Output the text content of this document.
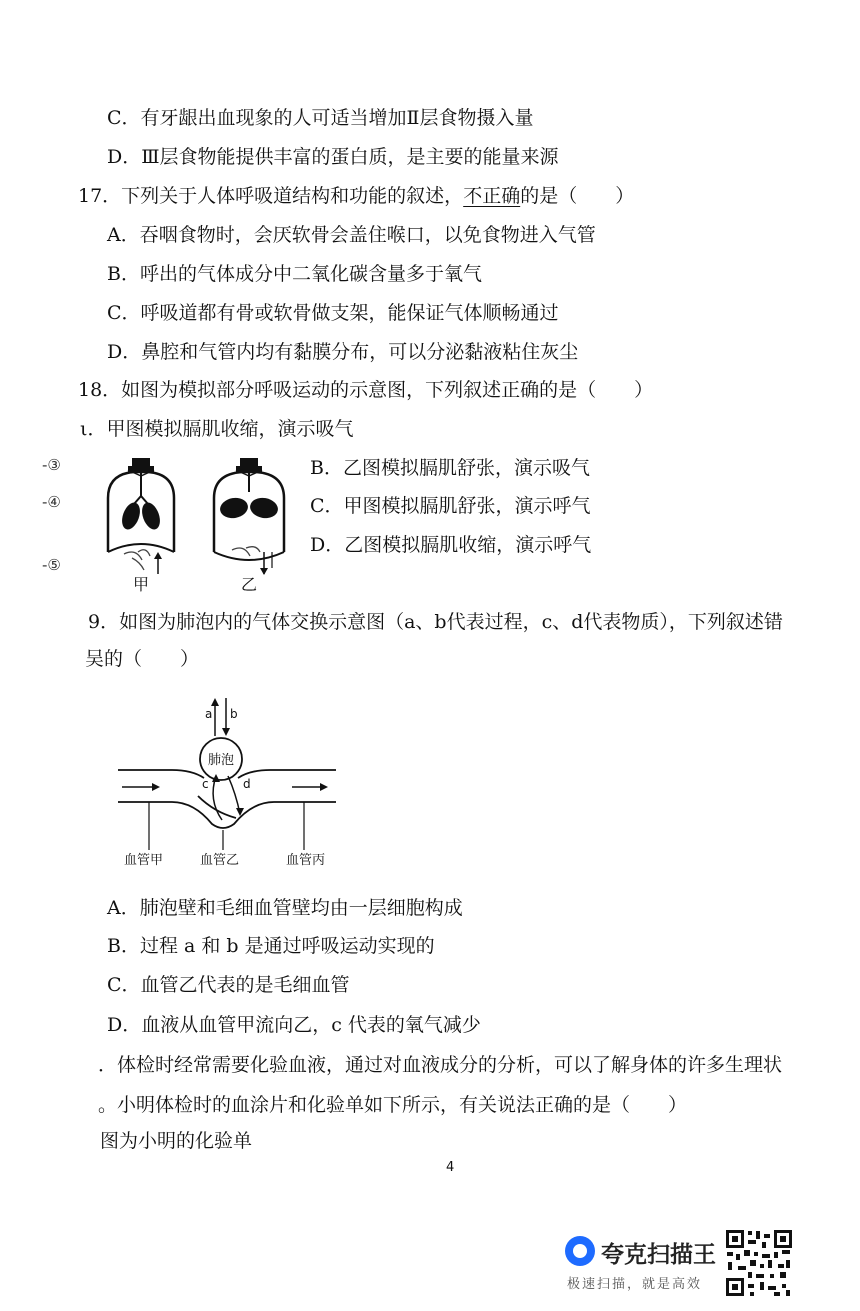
C．有牙龈出血现象的人可适当增加Ⅱ层食物摄入量
D．Ⅲ层食物能提供丰富的蛋白质，是主要的能量来源
17．下列关于人体呼吸道结构和功能的叙述，不正确的是（　　）
A．吞咽食物时，会厌软骨会盖住喉口，以免食物进入气管
B．呼出的气体成分中二氧化碳含量多于氧气
C．呼吸道都有骨或软骨做支架，能保证气体顺畅通过
D．鼻腔和气管内均有黏膜分布，可以分泌黏液粘住灰尘
18．如图为模拟部分呼吸运动的示意图，下列叙述正确的是（　　）
ι．甲图模拟膈肌收缩，演示吸气
B．乙图模拟膈肌舒张，演示吸气
C．甲图模拟膈肌舒张，演示呼气
D．乙图模拟膈肌收缩，演示呼气
-③
-④
-⑤
甲	乙
9．如图为肺泡内的气体交换示意图（a、b代表过程，c、d代表物质），下列叙述错
吴的（　　）
a b
肺泡
c	d
血管甲	血管乙	血管丙
A．肺泡壁和毛细血管壁均由一层细胞构成
B．过程 a 和 b 是通过呼吸运动实现的
C．血管乙代表的是毛细血管
D．血液从血管甲流向乙，c 代表的氧气减少
．体检时经常需要化验血液，通过对血液成分的分析，可以了解身体的许多生理状
。小明体检时的血涂片和化验单如下所示，有关说法正确的是（　　）
图为小明的化验单
4
夸克扫描王
极速扫描，就是高效
